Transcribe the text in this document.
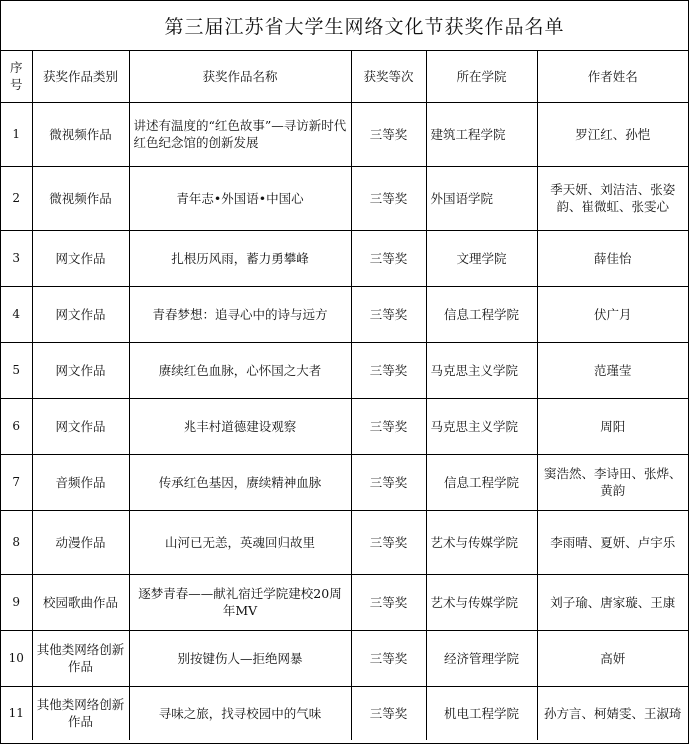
第三届江苏省大学生网络文化节获奖作品名单
序号	获奖作品类别	获奖作品名称	获奖等次	所在学院	作者姓名
1	微视频作品	讲述有温度的“红色故事”—寻访新时代红色纪念馆的创新发展	三等奖	建筑工程学院	罗江红、孙恺
2	微视频作品	青年志•外国语•中国心	三等奖	外国语学院	季天妍、刘洁洁、张姿韵、崔微虹、张雯心
3	网文作品	扎根历风雨，蓄力勇攀峰	三等奖	文理学院	薛佳怡
4	网文作品	青春梦想：追寻心中的诗与远方	三等奖	信息工程学院	伏广月
5	网文作品	赓续红色血脉，心怀国之大者	三等奖	马克思主义学院	范瑾莹
6	网文作品	兆丰村道德建设观察	三等奖	马克思主义学院	周阳
7	音频作品	传承红色基因，赓续精神血脉	三等奖	信息工程学院	窦浩然、李诗田、张烨、黄韵
8	动漫作品	山河已无恙，英魂回归故里	三等奖	艺术与传媒学院	李雨晴、夏妍、卢宇乐
9	校园歌曲作品	逐梦青春——献礼宿迁学院建校20周年MV	三等奖	艺术与传媒学院	刘子瑜、唐家璇、王康
10	其他类网络创新作品	别按键伤人—拒绝网暴	三等奖	经济管理学院	高妍
11	其他类网络创新作品	寻味之旅，找寻校园中的气味	三等奖	机电工程学院	孙方言、柯婧雯、王淑琦
